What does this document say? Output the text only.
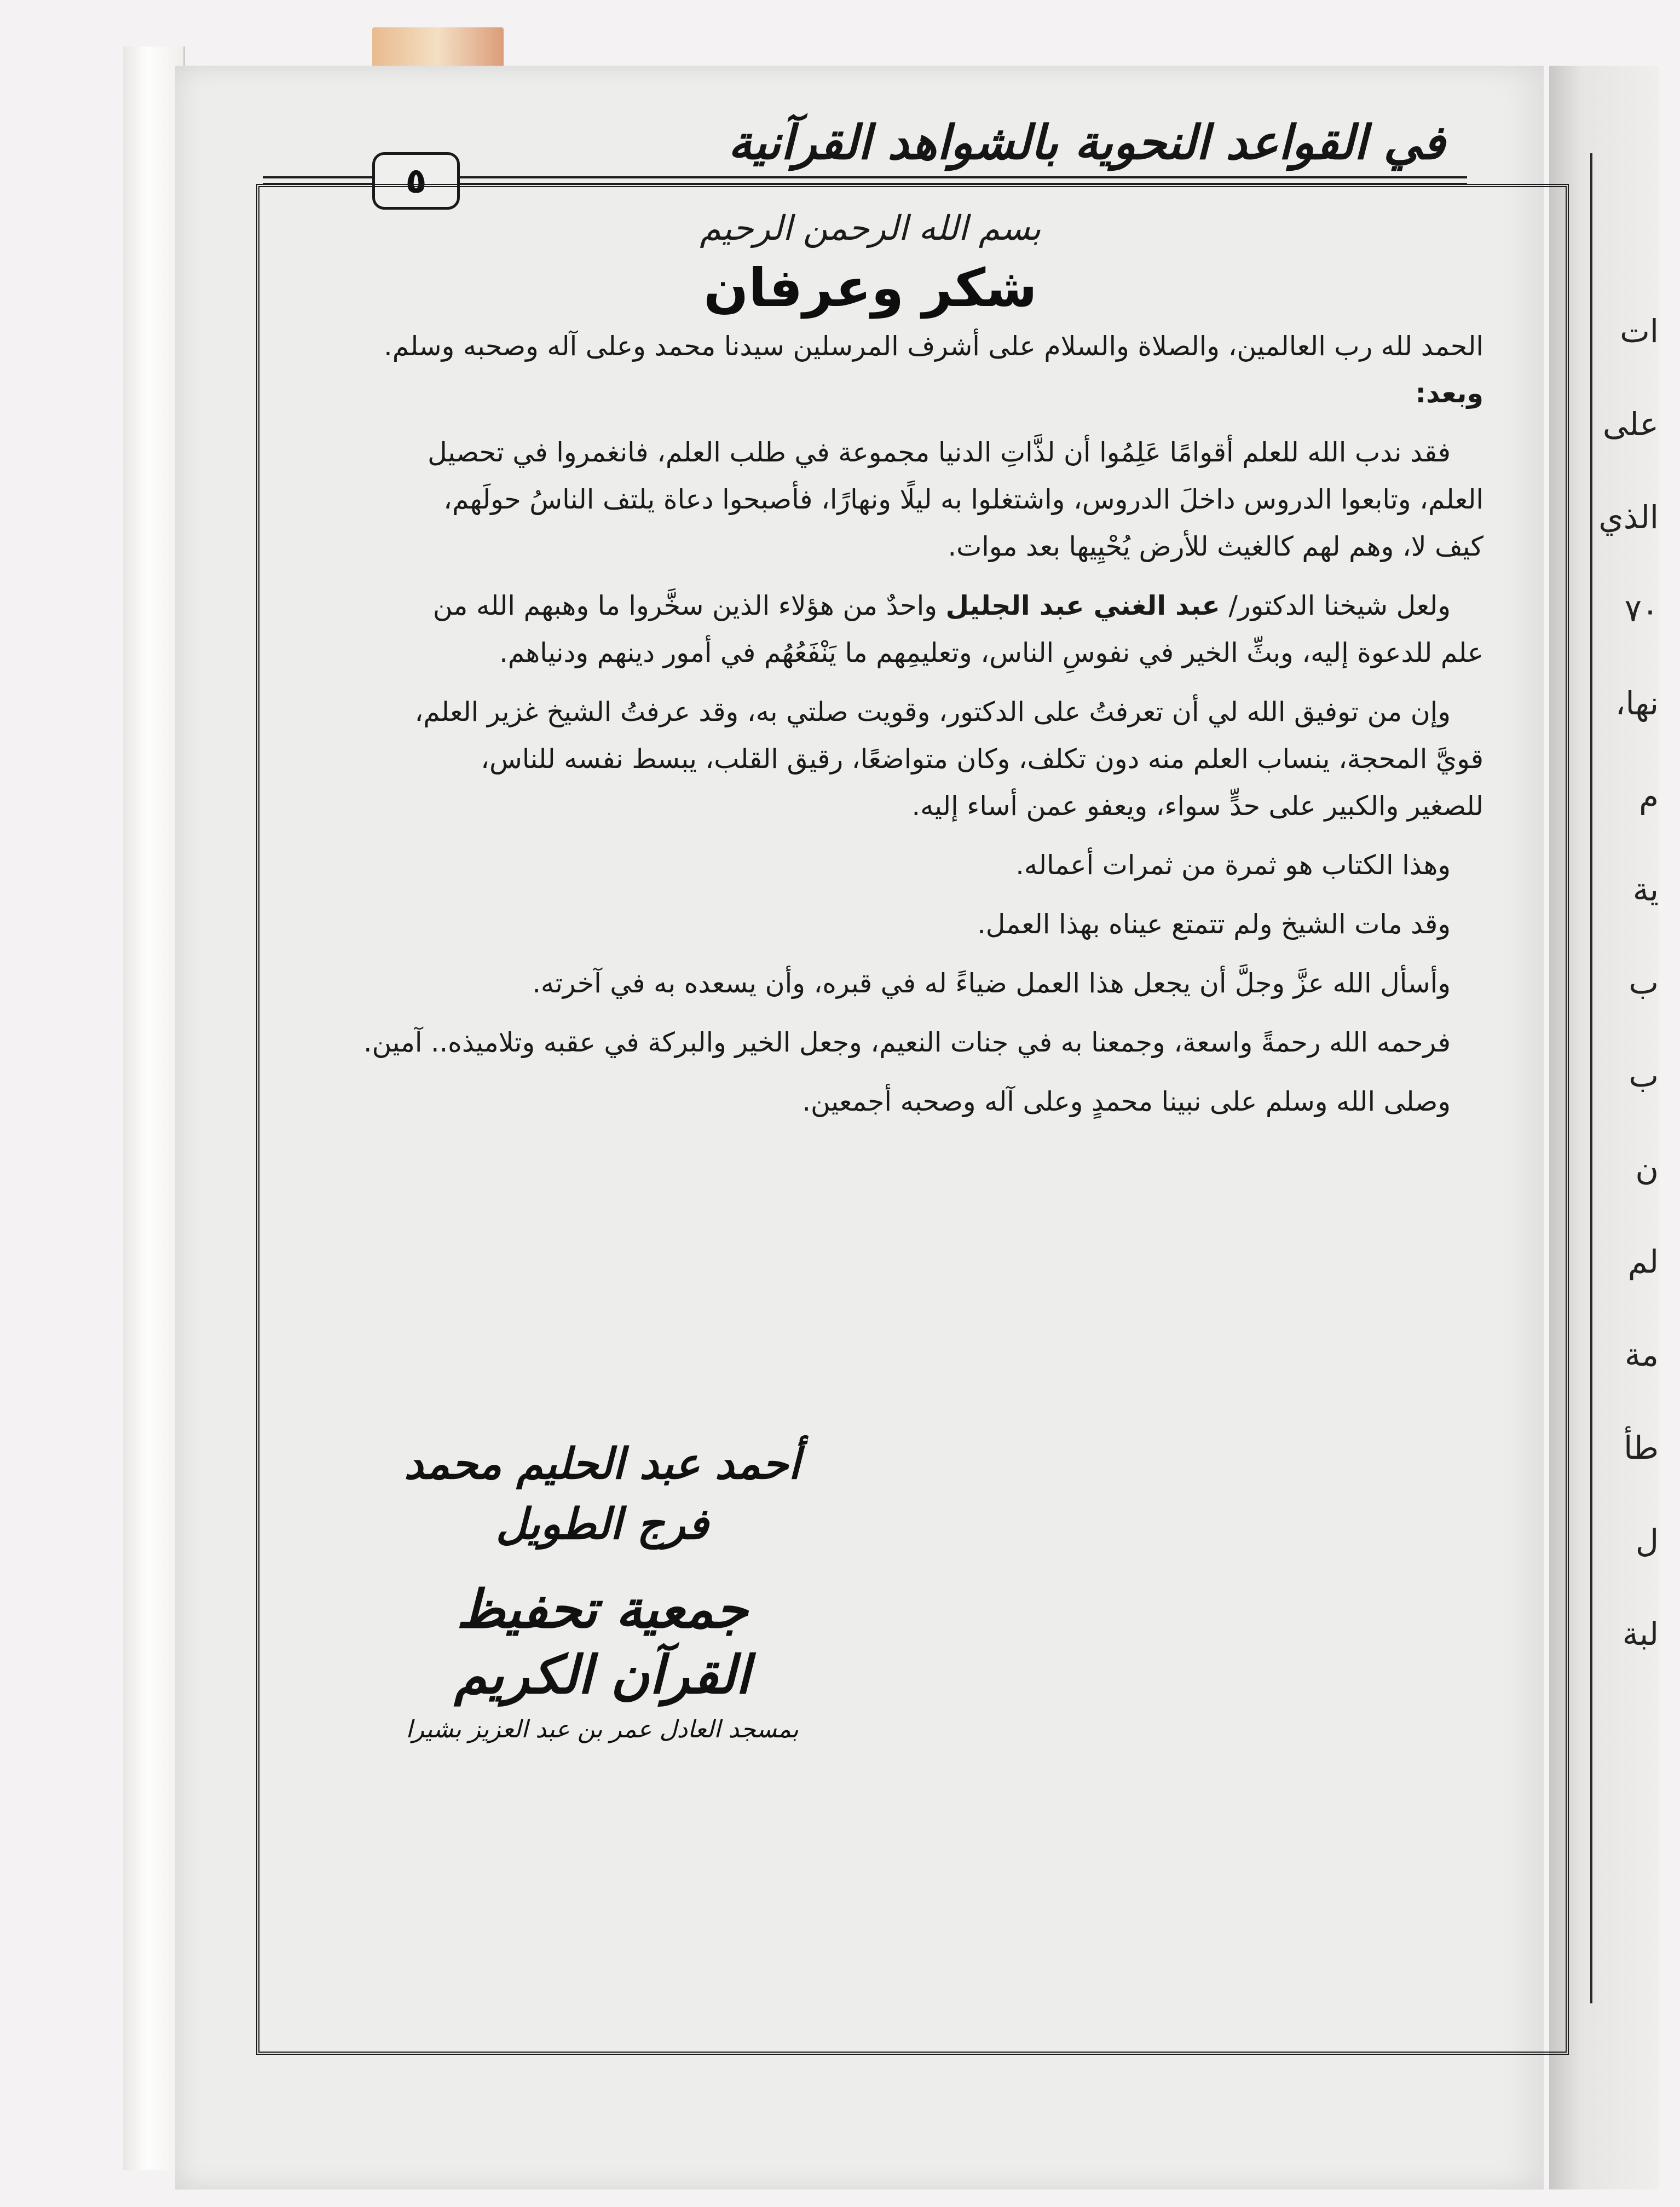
ات
على
الذي
٧٠
نها،
م
ية
ب
ب
ن
لم
مة
طأ
ل
لبة
في القواعد النحوية بالشواهد القرآنية
٥
بسم الله الرحمن الرحيم
شكر وعرفان

الحمد لله رب العالمين، والصلاة والسلام على أشرف المرسلين سيدنا محمد وعلى آله وصحبه وسلم.

وبعد:

فقد ندب الله للعلم أقوامًا عَلِمُوا أن لذَّاتِ الدنيا مجموعة في طلب العلم، فانغمروا في تحصيل

العلم، وتابعوا الدروس داخلَ الدروس، واشتغلوا به ليلًا ونهارًا، فأصبحوا دعاة يلتف الناسُ حولَهم،

كيف لا، وهم لهم كالغيث للأرض يُحْيِيها بعد موات.

ولعل شيخنا الدكتور/ عبد الغني عبد الجليل واحدٌ من هؤلاء الذين سخَّروا ما وهبهم الله من

علم للدعوة إليه، وبثِّ الخير في نفوسِ الناس، وتعليمِهم ما يَنْفَعُهُم في أمور دينهم ودنياهم.

وإن من توفيق الله لي أن تعرفتُ على الدكتور، وقويت صلتي به، وقد عرفتُ الشيخ غزير العلم،

قويَّ المحجة، ينساب العلم منه دون تكلف، وكان متواضعًا، رقيق القلب، يبسط نفسه للناس،

للصغير والكبير على حدٍّ سواء، ويعفو عمن أساء إليه.

وهذا الكتاب هو ثمرة من ثمرات أعماله.

وقد مات الشيخ ولم تتمتع عيناه بهذا العمل.

وأسأل الله عزَّ وجلَّ أن يجعل هذا العمل ضياءً له في قبره، وأن يسعده به في آخرته.

فرحمه الله رحمةً واسعة، وجمعنا به في جنات النعيم، وجعل الخير والبركة في عقبه وتلاميذه.. آمين.

وصلى الله وسلم على نبينا محمدٍ وعلى آله وصحبه أجمعين.

أحمد عبد الحليم محمد فرج الطويل
جمعية تحفيظ القرآن الكريم
بمسجد العادل عمر بن عبد العزيز بشيرا
